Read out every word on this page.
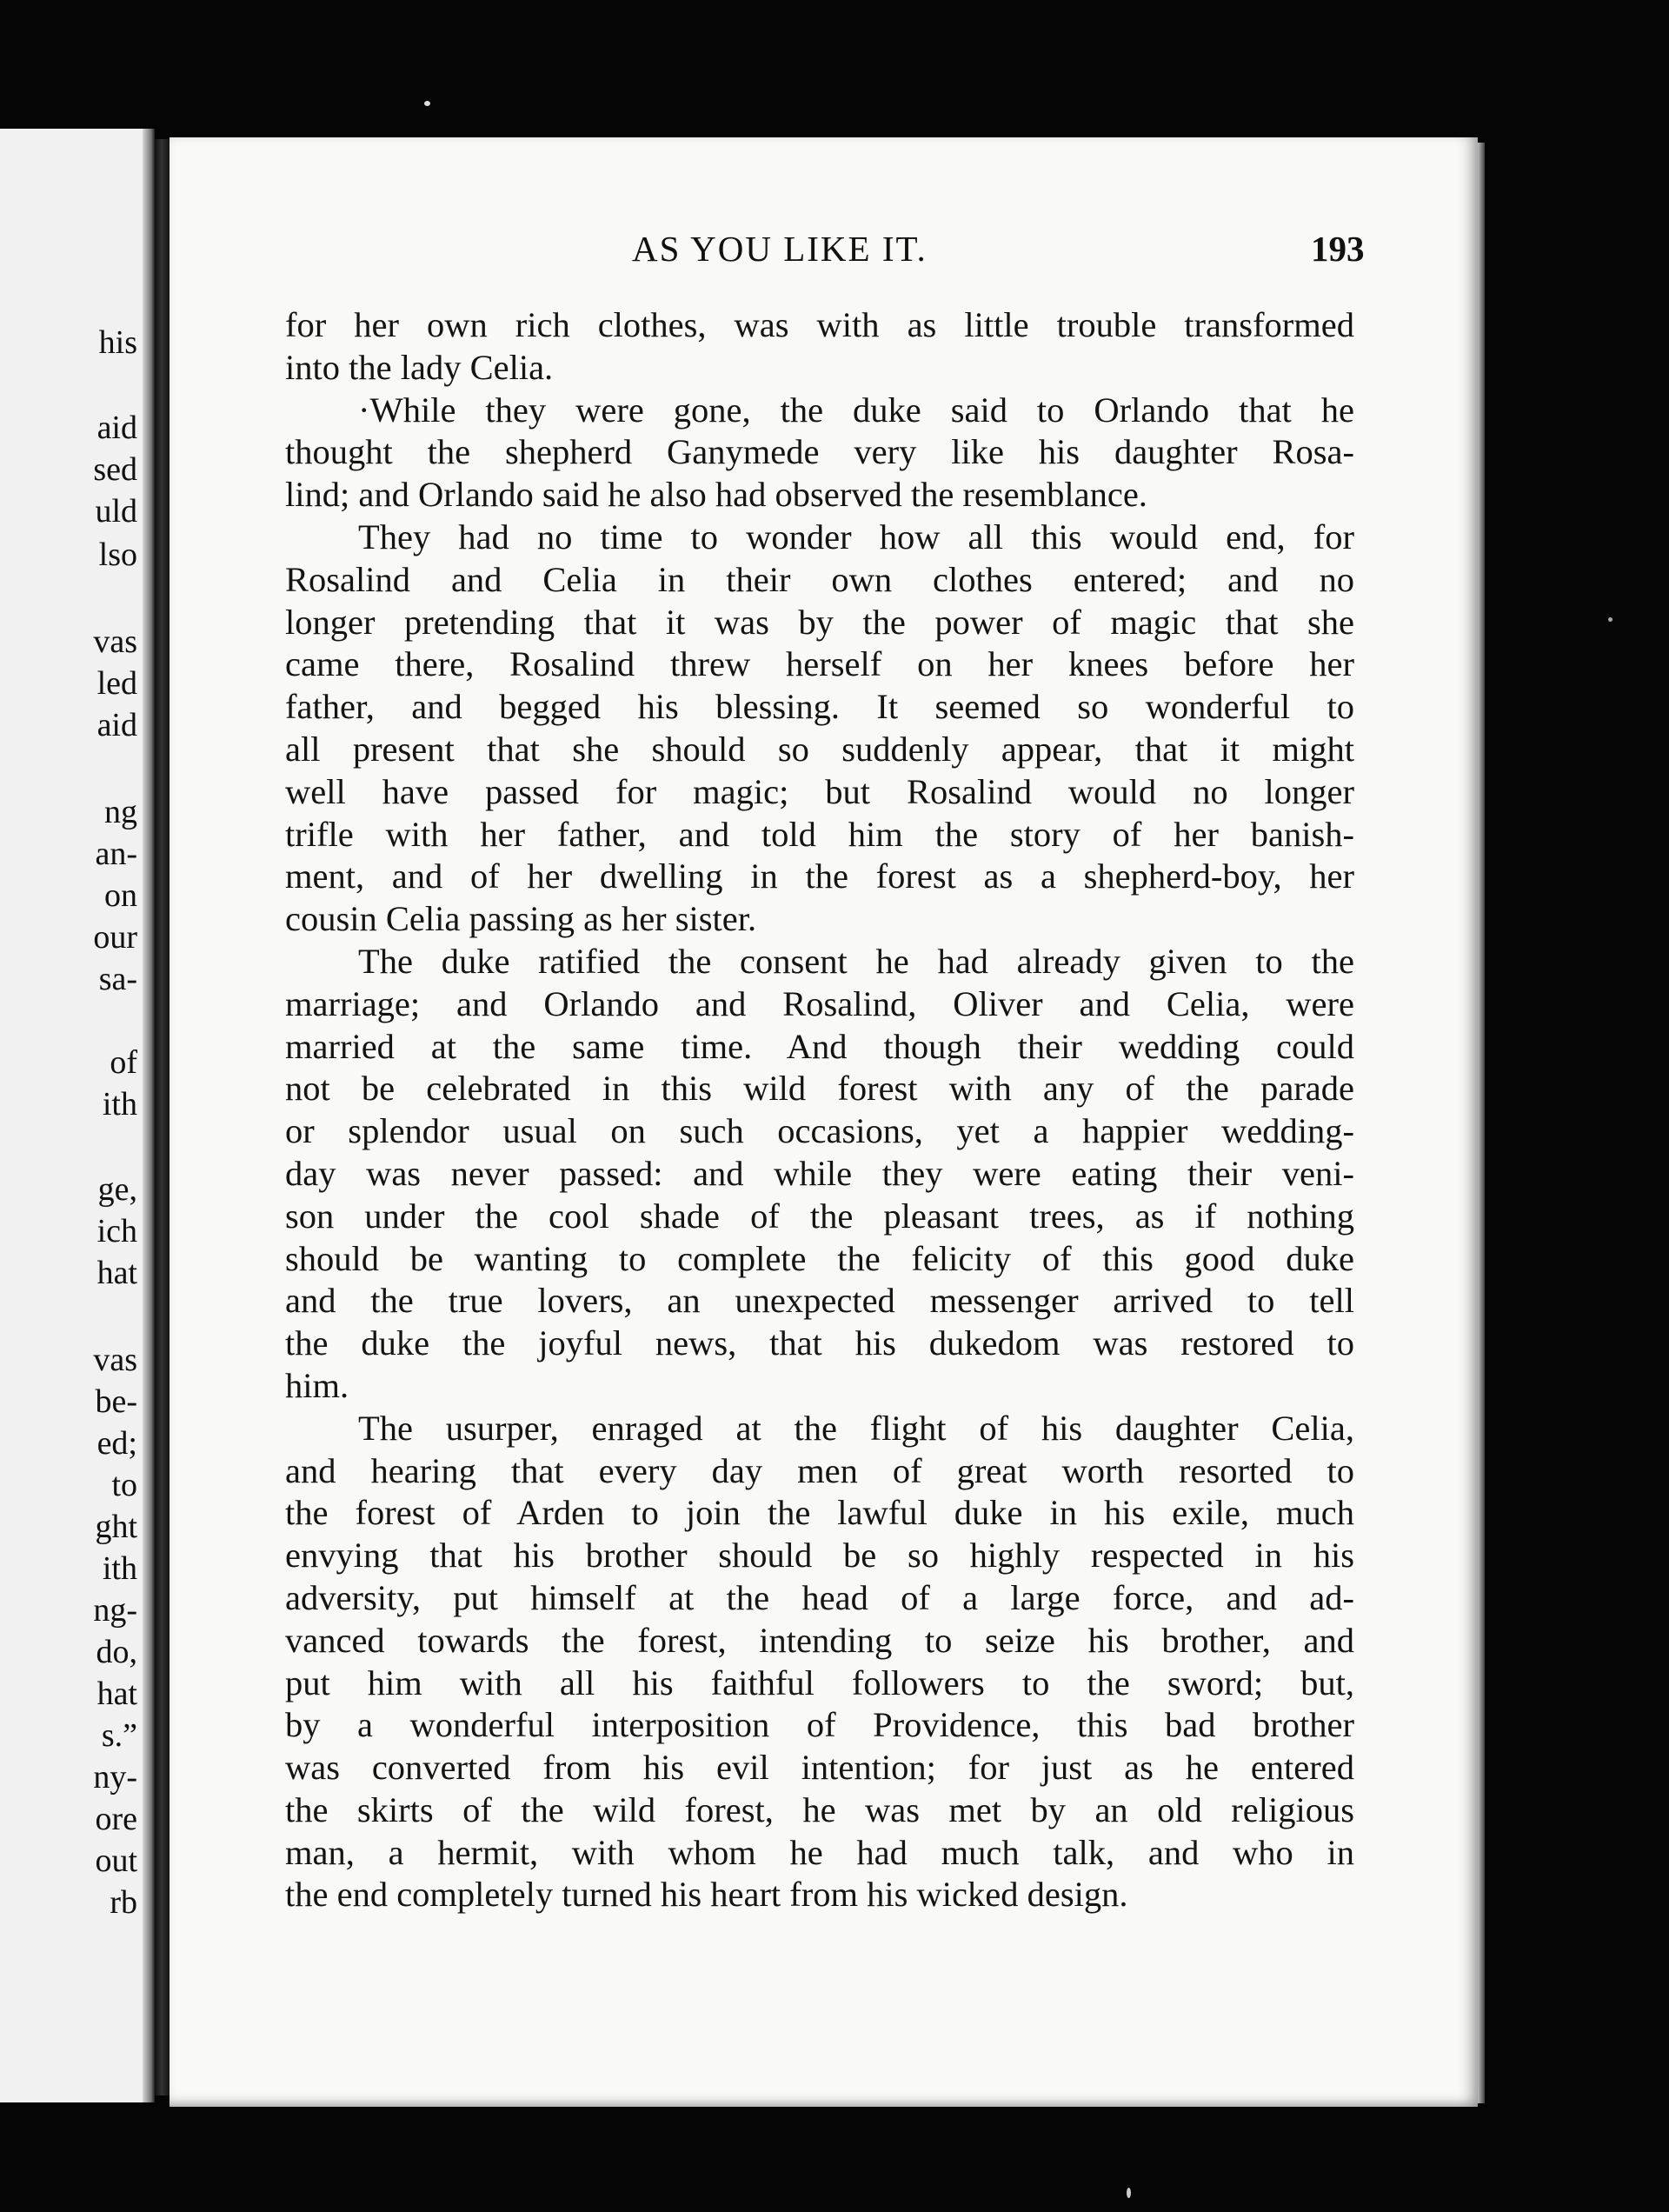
his

aid

sed

uld

lso

vas

led

aid

ng

an-

on

our

sa-

of

ith

ge,

ich

hat

vas

be-

ed;

to

ght

ith

ng-

do,

hat

s.”

ny-

ore

out

rb

AS YOU LIKE IT.	193
for her own rich clothes, was with as little trouble transformed
into the lady Celia.
·While they were gone, the duke said to Orlando that he
thought the shepherd Ganymede very like his daughter Rosa-
lind; and Orlando said he also had observed the resemblance.
They had no time to wonder how all this would end, for
Rosalind and Celia in their own clothes entered; and no
longer pretending that it was by the power of magic that she
came there, Rosalind threw herself on her knees before her
father, and begged his blessing. It seemed so wonderful to
all present that she should so suddenly appear, that it might
well have passed for magic; but Rosalind would no longer
trifle with her father, and told him the story of her banish-
ment, and of her dwelling in the forest as a shepherd-boy, her
cousin Celia passing as her sister.
The duke ratified the consent he had already given to the
marriage; and Orlando and Rosalind, Oliver and Celia, were
married at the same time. And though their wedding could
not be celebrated in this wild forest with any of the parade
or splendor usual on such occasions, yet a happier wedding-
day was never passed: and while they were eating their veni-
son under the cool shade of the pleasant trees, as if nothing
should be wanting to complete the felicity of this good duke
and the true lovers, an unexpected messenger arrived to tell
the duke the joyful news, that his dukedom was restored to
him.
The usurper, enraged at the flight of his daughter Celia,
and hearing that every day men of great worth resorted to
the forest of Arden to join the lawful duke in his exile, much
envying that his brother should be so highly respected in his
adversity, put himself at the head of a large force, and ad-
vanced towards the forest, intending to seize his brother, and
put him with all his faithful followers to the sword; but,
by a wonderful interposition of Providence, this bad brother
was converted from his evil intention; for just as he entered
the skirts of the wild forest, he was met by an old religious
man, a hermit, with whom he had much talk, and who in
the end completely turned his heart from his wicked design.
